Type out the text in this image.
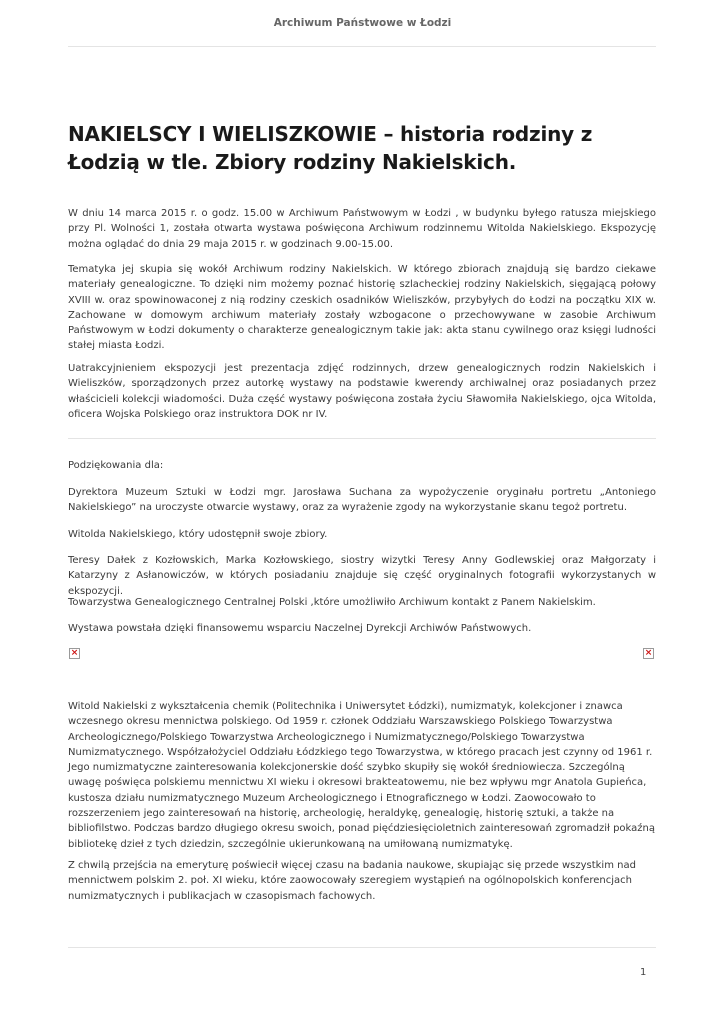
Archiwum Państwowe w Łodzi
NAKIELSCY I WIELISZKOWIE – historia rodziny z Łodzią w tle. Zbiory rodziny Nakielskich.

W dniu 14 marca 2015 r. o godz. 15.00 w Archiwum Państwowym w Łodzi , w budynku byłego ratusza miejskiego przy Pl. Wolności 1, została otwarta wystawa poświęcona Archiwum rodzinnemu Witolda Nakielskiego. Ekspozycję można oglądać do dnia 29 maja 2015 r. w godzinach 9.00-15.00.

Tematyka jej skupia się wokół Archiwum rodziny Nakielskich. W którego zbiorach znajdują się bardzo ciekawe materiały genealogiczne. To dzięki nim możemy poznać historię szlacheckiej rodziny Nakielskich, sięgającą połowy XVIII w. oraz spowinowaconej z nią rodziny czeskich osadników Wieliszków, przybyłych do Łodzi na początku XIX w. Zachowane w domowym archiwum materiały zostały wzbogacone o przechowywane w zasobie Archiwum Państwowym w Łodzi dokumenty o charakterze genealogicznym takie jak: akta stanu cywilnego oraz księgi ludności stałej miasta Łodzi.

Uatrakcyjnieniem ekspozycji jest prezentacja zdjęć rodzinnych, drzew genealogicznych rodzin Nakielskich i Wieliszków, sporządzonych przez autorkę wystawy na podstawie kwerendy archiwalnej oraz posiadanych przez właścicieli kolekcji wiadomości. Duża część wystawy poświęcona została życiu Sławomiła Nakielskiego, ojca Witolda, oficera Wojska Polskiego oraz instruktora DOK nr IV.

Podziękowania dla:

Dyrektora Muzeum Sztuki w Łodzi mgr. Jarosława Suchana za wypożyczenie oryginału portretu „Antoniego Nakielskiego” na uroczyste otwarcie wystawy, oraz za wyrażenie zgody na wykorzystanie skanu tegoż portretu.

Witolda Nakielskiego, który udostępnił swoje zbiory.

Teresy Dałek z Kozłowskich, Marka Kozłowskiego, siostry wizytki Teresy Anny Godlewskiej oraz Małgorzaty i Katarzyny z Asłanowiczów, w których posiadaniu znajduje się część oryginalnych fotografii wykorzystanych w ekspozycji.

Towarzystwa Genealogicznego Centralnej Polski ,które umożliwiło Archiwum kontakt z Panem Nakielskim.

Wystawa powstała dzięki finansowemu wsparciu Naczelnej Dyrekcji Archiwów Państwowych.

×	×

Witold Nakielski z wykształcenia chemik (Politechnika i Uniwersytet Łódzki), numizmatyk, kolekcjoner i znawca wczesnego okresu mennictwa polskiego. Od 1959 r. członek Oddziału Warszawskiego Polskiego Towarzystwa Archeologicznego/Polskiego Towarzystwa Archeologicznego i Numizmatycznego/Polskiego Towarzystwa Numizmatycznego. Współzałożyciel Oddziału Łódzkiego tego Towarzystwa, w którego pracach jest czynny od 1961 r. Jego numizmatyczne zainteresowania kolekcjonerskie dość szybko skupiły się wokół średniowiecza. Szczególną uwagę poświęca polskiemu mennictwu XI wieku i okresowi brakteatowemu, nie bez wpływu mgr Anatola Gupieńca, kustosza działu numizmatycznego Muzeum Archeologicznego i Etnograficznego w Łodzi. Zaowocowało to rozszerzeniem jego zainteresowań na historię, archeologię, heraldykę, genealogię, historię sztuki, a także na bibliofilstwo. Podczas bardzo długiego okresu swoich, ponad pięćdziesięcioletnich zainteresowań zgromadził pokaźną bibliotekę dzieł z tych dziedzin, szczególnie ukierunkowaną na umiłowaną numizmatykę.

Z chwilą przejścia na emeryturę poświecił więcej czasu na badania naukowe, skupiając się przede wszystkim nad mennictwem polskim 2. poł. XI wieku, które zaowocowały szeregiem wystąpień na ogólnopolskich konferencjach numizmatycznych i publikacjach w czasopismach fachowych.

1
